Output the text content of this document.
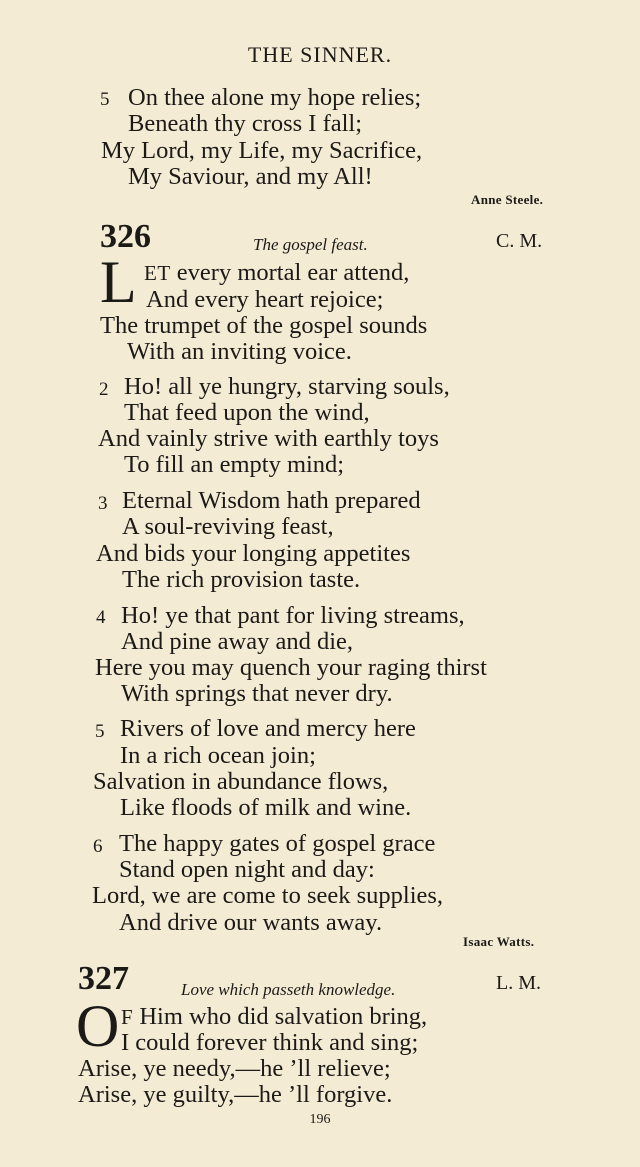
THE SINNER.
5 On thee alone my hope relies;
Beneath thy cross I fall;
My Lord, my Life, my Sacrifice,
My Saviour, and my All!
Anne Steele.
326	The gospel feast.	C. M.
L ET every mortal ear attend,
And every heart rejoice;
The trumpet of the gospel sounds
With an inviting voice.
2 Ho! all ye hungry, starving souls,
That feed upon the wind,
And vainly strive with earthly toys
To fill an empty mind;
3 Eternal Wisdom hath prepared
A soul-reviving feast,
And bids your longing appetites
The rich provision taste.
4 Ho! ye that pant for living streams,
And pine away and die,
Here you may quench your raging thirst
With springs that never dry.
5 Rivers of love and mercy here
In a rich ocean join;
Salvation in abundance flows,
Like floods of milk and wine.
6 The happy gates of gospel grace
Stand open night and day:
Lord, we are come to seek supplies,
And drive our wants away.
Isaac Watts.
327	Love which passeth knowledge.	L. M.
O F Him who did salvation bring,
I could forever think and sing;
Arise, ye needy,—he ’ll relieve;
Arise, ye guilty,—he ’ll forgive.
196
